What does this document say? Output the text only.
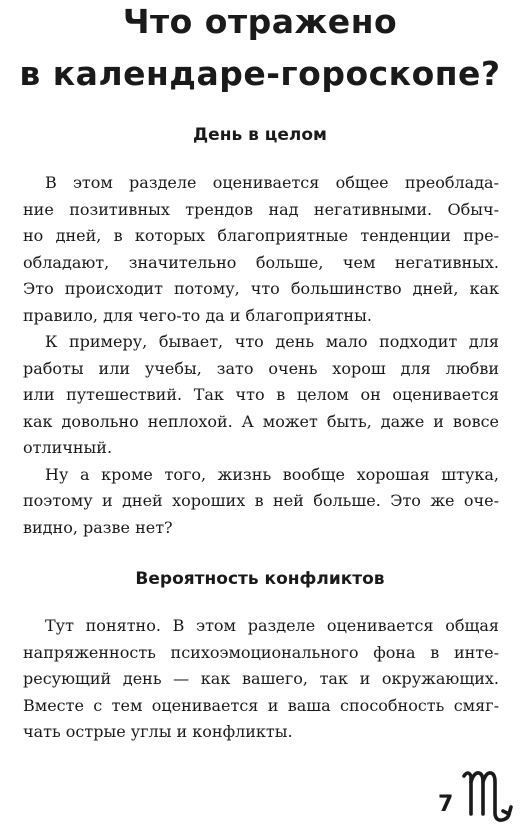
Что отражено
в календаре-гороскопе?
День в целом
В этом разделе оценивается общее преоблада-
ние позитивных трендов над негативными. Обыч-
но дней, в которых благоприятные тенденции пре-
обладают, значительно больше, чем негативных.
Это происходит потому, что большинство дней, как
правило, для чего-то да и благоприятны.
К примеру, бывает, что день мало подходит для
работы или учебы, зато очень хорош для любви
или путешествий. Так что в целом он оценивается
как довольно неплохой. А может быть, даже и вовсе
отличный.
Ну а кроме того, жизнь вообще хорошая штука,
поэтому и дней хороших в ней больше. Это же оче-
видно, разве нет?
Вероятность конфликтов
Тут понятно. В этом разделе оценивается общая
напряженность психоэмоционального фона в инте-
ресующий день — как вашего, так и окружающих.
Вместе с тем оценивается и ваша способность смяг-
чать острые углы и конфликты.
7
